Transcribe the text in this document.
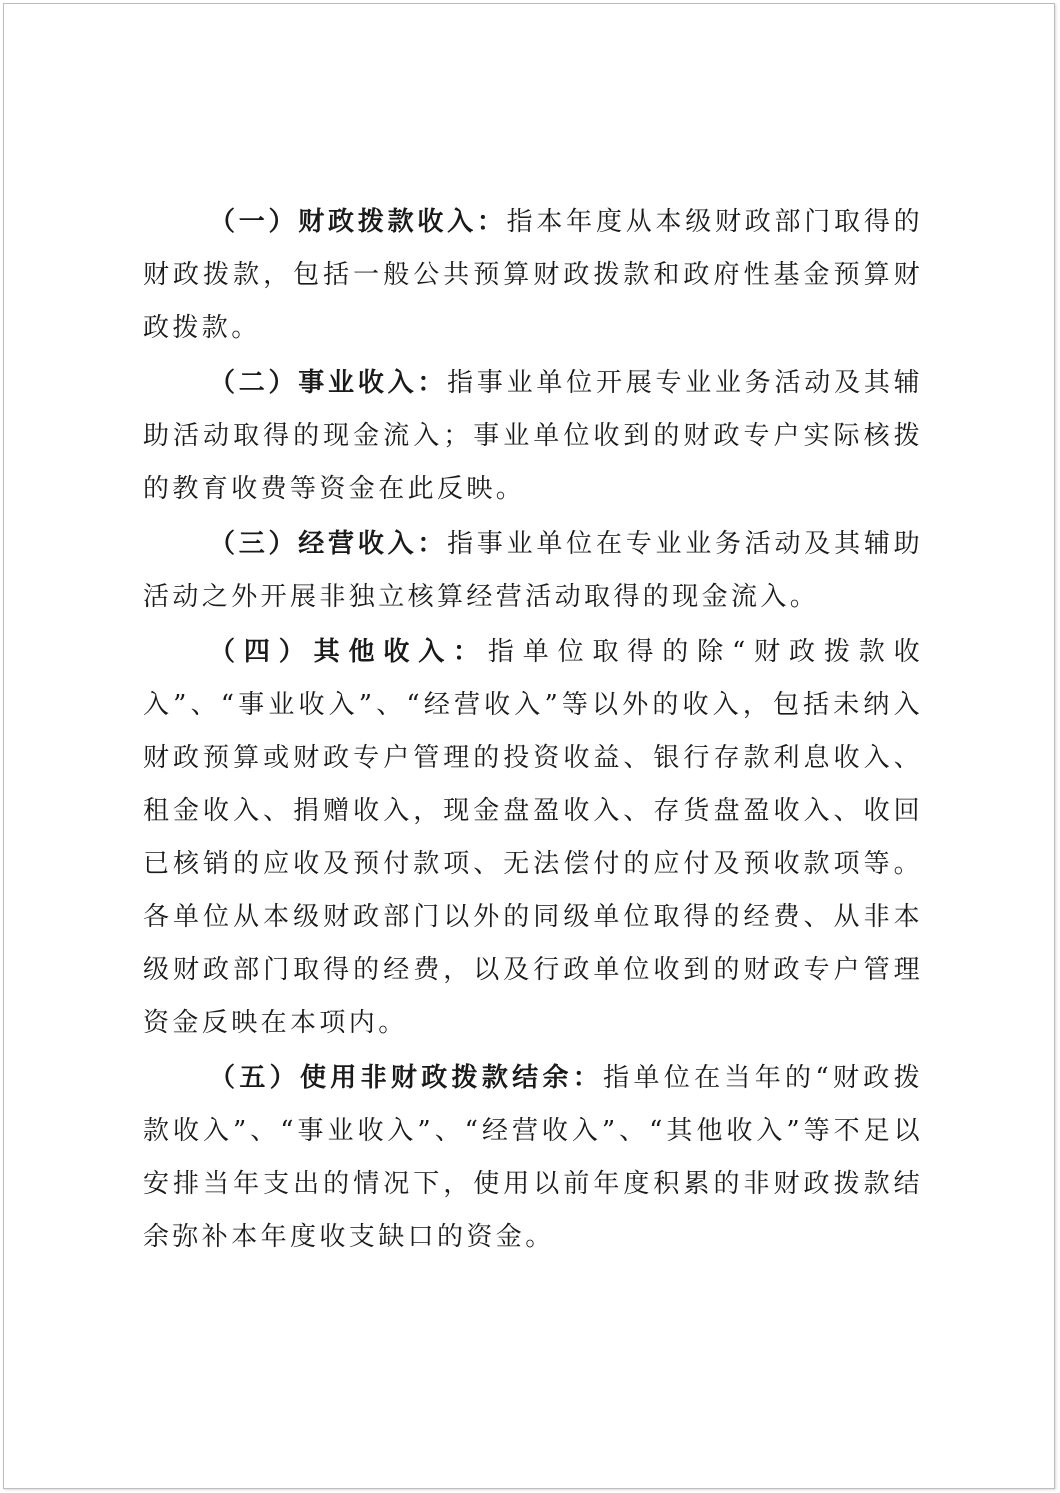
（一）财政拨款收入：指本年度从本级财政部门取得的财政拨款，包括一般公共预算财政拨款和政府性基金预算财政拨款。

（二）事业收入：指事业单位开展专业业务活动及其辅助活动取得的现金流入；事业单位收到的财政专户实际核拨的教育收费等资金在此反映。

（三）经营收入：指事业单位在专业业务活动及其辅助活动之外开展非独立核算经营活动取得的现金流入。

（四）其他收入：指单位取得的除“财政拨款收入”、“事业收入”、“经营收入”等以外的收入，包括未纳入财政预算或财政专户管理的投资收益、银行存款利息收入、租金收入、捐赠收入，现金盘盈收入、存货盘盈收入、收回已核销的应收及预付款项、无法偿付的应付及预收款项等。各单位从本级财政部门以外的同级单位取得的经费、从非本级财政部门取得的经费，以及行政单位收到的财政专户管理资金反映在本项内。

（五）使用非财政拨款结余：指单位在当年的“财政拨款收入”、“事业收入”、“经营收入”、“其他收入”等不足以安排当年支出的情况下，使用以前年度积累的非财政拨款结余弥补本年度收支缺口的资金。
